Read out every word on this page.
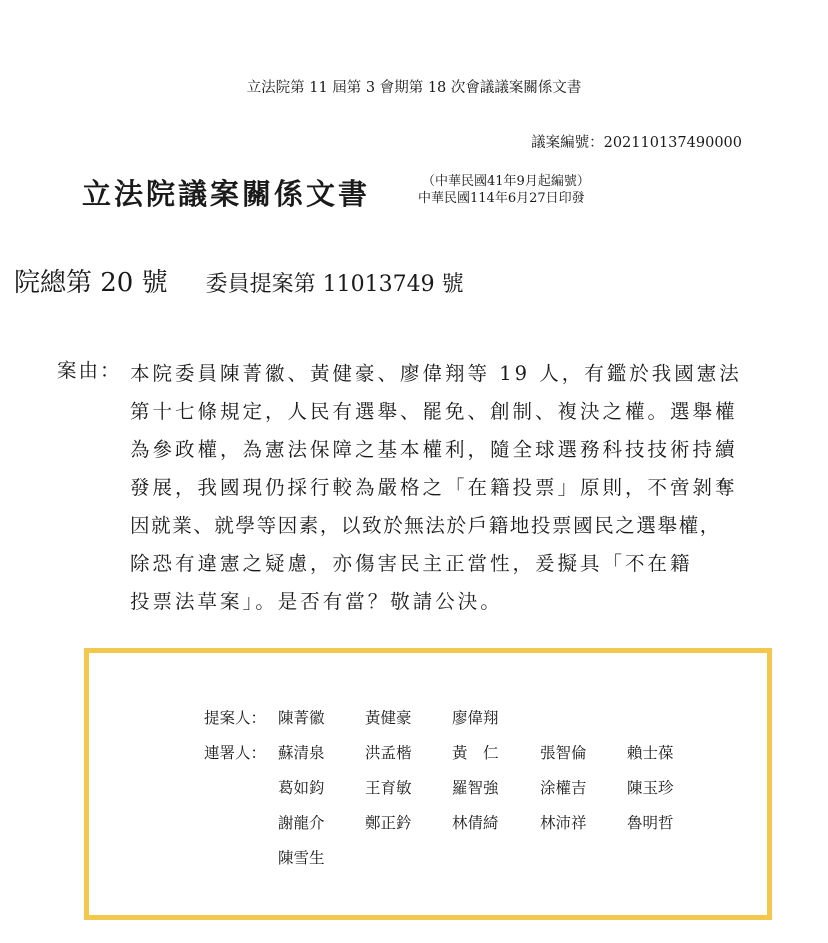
立法院第 11 屆第 3 會期第 18 次會議議案關係文書
議案編號：202110137490000
立法院議案關係文書	（中華民國41年9月起編號）
中華民國114年6月27日印發
院總第 20 號 委員提案第 11013749 號
案由： 本院委員陳菁徽、黃健豪、廖偉翔等 19 人，有鑑於我國憲法
第十七條規定，人民有選舉、罷免、創制、複決之權。選舉權
為參政權，為憲法保障之基本權利，隨全球選務科技技術持續
發展，我國現仍採行較為嚴格之「在籍投票」原則，不啻剝奪
因就業、就學等因素，以致於無法於戶籍地投票國民之選舉權，
除恐有違憲之疑慮，亦傷害民主正當性，爰擬具「不在籍
投票法草案」。是否有當？敬請公決。
提案人： 陳菁徽	黃健豪	廖偉翔
連署人： 蘇清泉	洪孟楷	黃　仁	張智倫	賴士葆
葛如鈞	王育敏	羅智強	涂權吉	陳玉珍
謝龍介	鄭正鈐	林倩綺	林沛祥	魯明哲
陳雪生
